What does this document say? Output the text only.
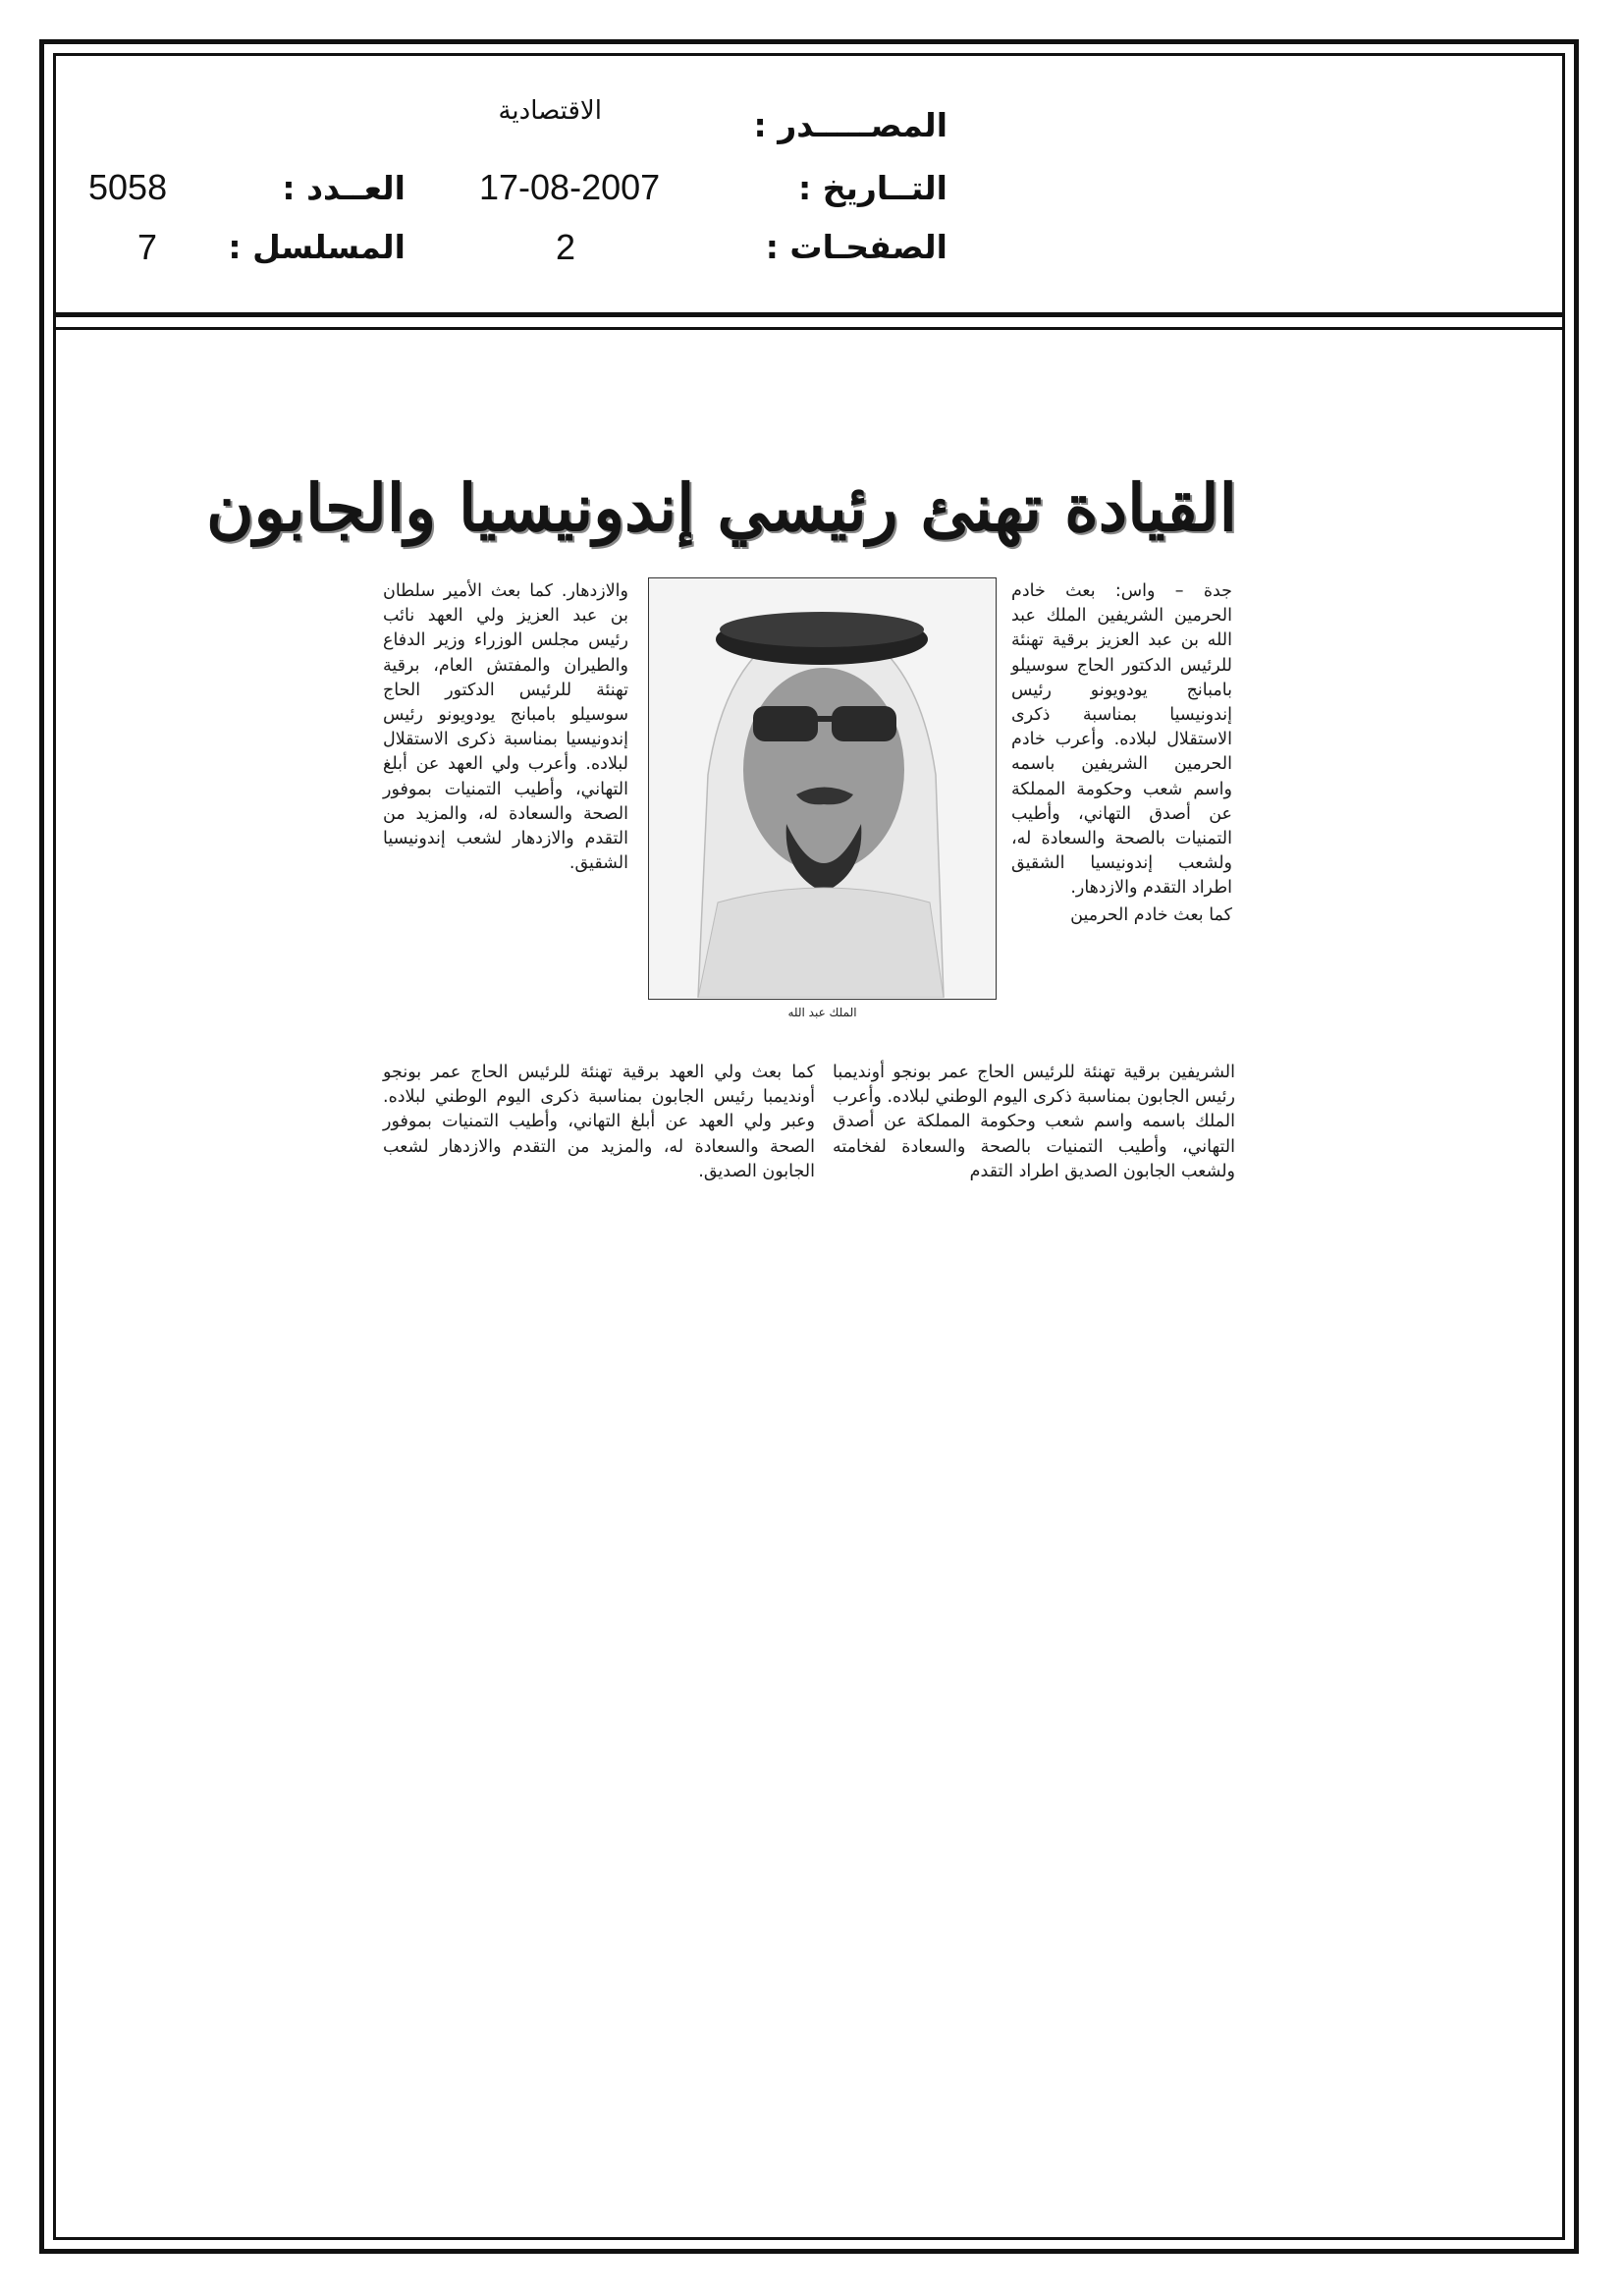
المصـــــدر :
الاقتصادية
التــاريخ :
17-08-2007
الصفحـات :
2
العــدد :
5058
المسلسل :
7
القيادة تهنئ رئيسي إندونيسيا والجابون

جدة – واس: بعث خادم الحرمين الشريفين الملك عبد الله بن عبد العزيز برقية تهنئة للرئيس الدكتور الحاج سوسيلو بامبانج يودويونو رئيس إندونيسيا بمناسبة ذكرى الاستقلال لبلاده. وأعرب خادم الحرمين الشريفين باسمه واسم شعب وحكومة المملكة عن أصدق التهاني، وأطيب التمنيات بالصحة والسعادة له، ولشعب إندونيسيا الشقيق اطراد التقدم والازدهار.

كما بعث خادم الحرمين

الملك عبد الله

والازدهار. كما بعث الأمير سلطان بن عبد العزيز ولي العهد نائب رئيس مجلس الوزراء وزير الدفاع والطيران والمفتش العام، برقية تهنئة للرئيس الدكتور الحاج سوسيلو بامبانج يودويونو رئيس إندونيسيا بمناسبة ذكرى الاستقلال لبلاده. وأعرب ولي العهد عن أبلغ التهاني، وأطيب التمنيات بموفور الصحة والسعادة له، والمزيد من التقدم والازدهار لشعب إندونيسيا الشقيق.

الشريفين برقية تهنئة للرئيس الحاج عمر بونجو أونديمبا رئيس الجابون بمناسبة ذكرى اليوم الوطني لبلاده. وأعرب الملك باسمه واسم شعب وحكومة المملكة عن أصدق التهاني، وأطيب التمنيات بالصحة والسعادة لفخامته ولشعب الجابون الصديق اطراد التقدم

كما بعث ولي العهد برقية تهنئة للرئيس الحاج عمر بونجو أونديمبا رئيس الجابون بمناسبة ذكرى اليوم الوطني لبلاده. وعبر ولي العهد عن أبلغ التهاني، وأطيب التمنيات بموفور الصحة والسعادة له، والمزيد من التقدم والازدهار لشعب الجابون الصديق.
